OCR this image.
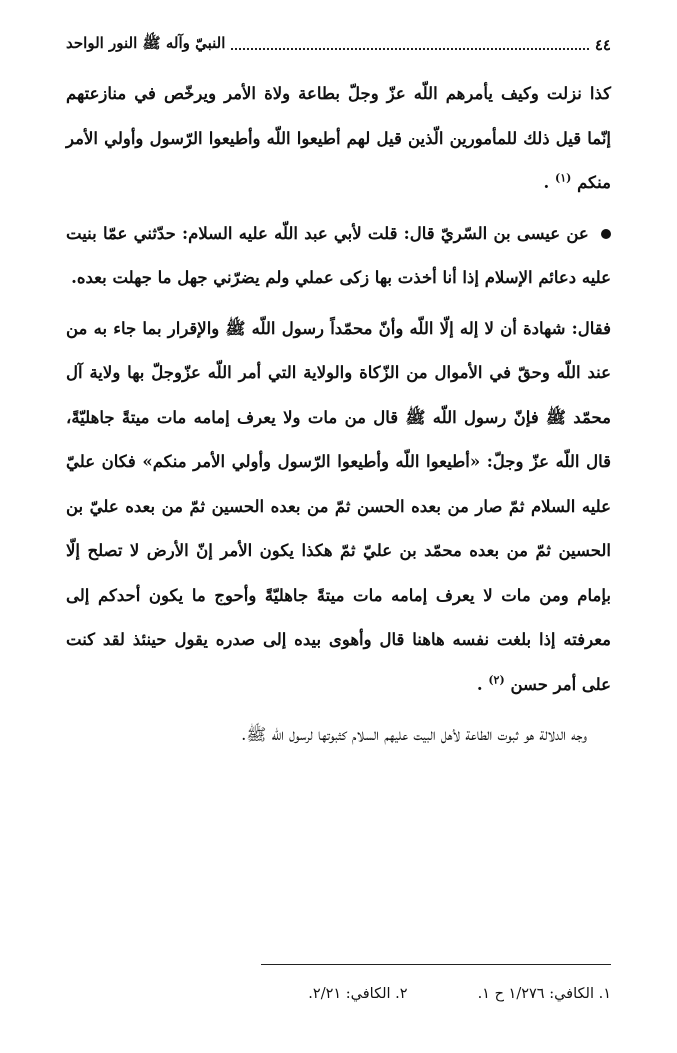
٤٤
النبيّ وآله ﷺ النور الواحد

كذا نزلت وكيف يأمرهم اللّه عزّ وجلّ بطاعة ولاة الأمر ويرخّص في منازعتهم إنّما قيل ذلك للمأمورين الّذين قيل لهم أطيعوا اللّه وأطيعوا الرّسول وأولي الأمر منكم $^{(١)}$ .

عن عيسى بن السّريّ قال: قلت لأبي عبد اللّه عليه السلام: حدّثني عمّا بنيت عليه دعائم الإسلام إذا أنا أخذت بها زكى عملي ولم يضرّني جهل ما جهلت بعده.

فقال: شهادة أن لا إله إلّا اللّه وأنّ محمّداً رسول اللّه ﷺ والإقرار بما جاء به من عند اللّه وحقّ في الأموال من الزّكاة والولاية التي أمر اللّه عزّوجلّ بها ولاية آل محمّد ﷺ فإنّ رسول اللّه ﷺ قال من مات ولا يعرف إمامه مات ميتةً جاهليّةً، قال اللّه عزّ وجلّ: «أطيعوا اللّه وأطيعوا الرّسول وأولي الأمر منكم» فكان عليّ عليه السلام ثمّ صار من بعده الحسن ثمّ من بعده الحسين ثمّ من بعده عليّ بن الحسين ثمّ من بعده محمّد بن عليّ ثمّ هكذا يكون الأمر إنّ الأرض لا تصلح إلّا بإمام ومن مات لا يعرف إمامه مات ميتةً جاهليّةً وأحوج ما يكون أحدكم إلى معرفته إذا بلغت نفسه هاهنا قال وأهوى بيده إلى صدره يقول حينئذ لقد كنت على أمر حسن $^{(٢)}$ .

وجه الدلالة هو ثبوت الطاعة لأهل البيت عليهم السلام كثبوتها لرسول اللّه ﷺ.

١. الكافي: ١/٢٧٦ ح ١.
٢. الكافي: ٢/٢١.
